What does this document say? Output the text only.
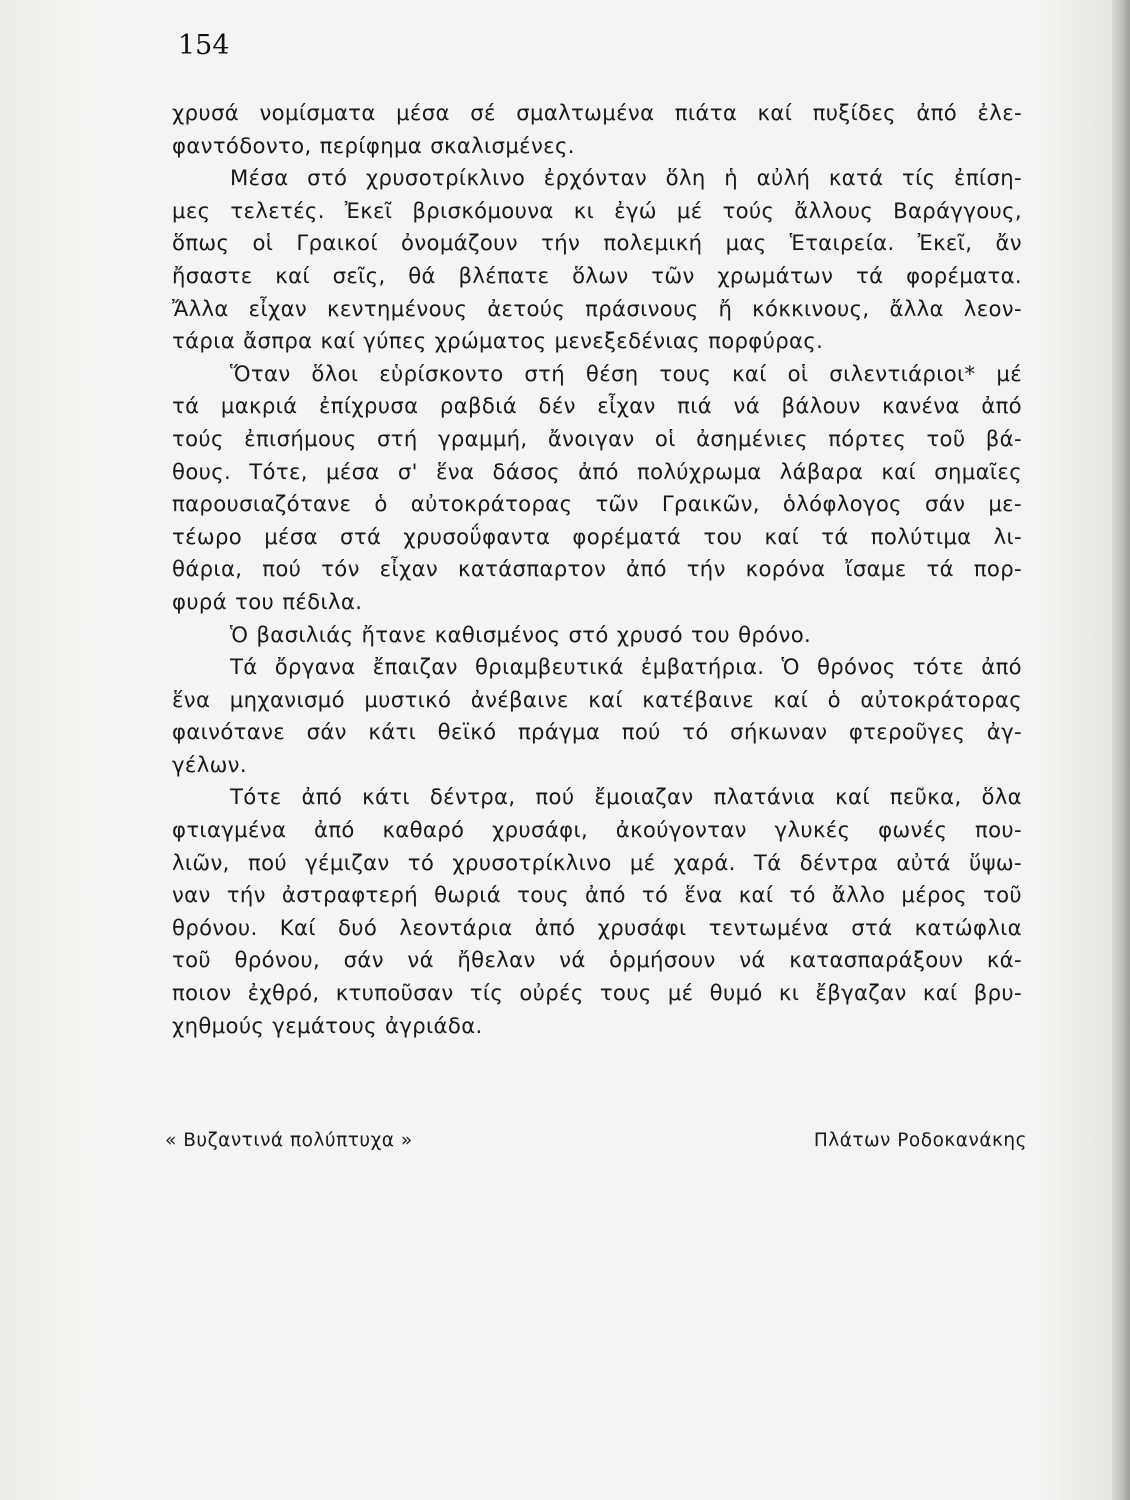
154

χρυσά νομίσματα μέσα σέ σμαλτωμένα πιάτα καί πυξίδες ἀπό ἐλε-
φαντόδοντο, περίφημα σκαλισμένες.

Μέσα στό χρυσοτρίκλινο ἐρχόνταν ὅλη ἡ αὐλή κατά τίς ἐπίση-
μες τελετές. Ἐκεῖ βρισκόμουνα κι ἐγώ μέ τούς ἄλλους Βαράγγους,
ὅπως οἱ Γραικοί ὀνομάζουν τήν πολεμική μας Ἑταιρεία. Ἐκεῖ, ἄν
ἤσαστε καί σεῖς, θά βλέπατε ὅλων τῶν χρωμάτων τά φορέματα.
Ἄλλα εἶχαν κεντημένους ἀετούς πράσινους ἤ κόκκινους, ἄλλα λεον-
τάρια ἄσπρα καί γύπες χρώματος μενεξεδένιας πορφύρας.

Ὅταν ὅλοι εὑρίσκοντο στή θέση τους καί οἱ σιλεντιάριοι* μέ
τά μακριά ἐπίχρυσα ραβδιά δέν εἶχαν πιά νά βάλουν κανένα ἀπό
τούς ἐπισήμους στή γραμμή, ἄνοιγαν οἱ ἀσημένιες πόρτες τοῦ βά-
θους. Τότε, μέσα σ' ἕνα δάσος ἀπό πολύχρωμα λάβαρα καί σημαῖες
παρουσιαζότανε ὁ αὐτοκράτορας τῶν Γραικῶν, ὁλόφλογος σάν με-
τέωρο μέσα στά χρυσοΰφαντα φορέματά του καί τά πολύτιμα λι-
θάρια, πού τόν εἶχαν κατάσπαρτον ἀπό τήν κορόνα ἴσαμε τά πορ-
φυρά του πέδιλα.

Ὁ βασιλιάς ἤτανε καθισμένος στό χρυσό του θρόνο.

Τά ὄργανα ἔπαιζαν θριαμβευτικά ἐμβατήρια. Ὁ θρόνος τότε ἀπό
ἕνα μηχανισμό μυστικό ἀνέβαινε καί κατέβαινε καί ὁ αὐτοκράτορας
φαινότανε σάν κάτι θεϊκό πράγμα πού τό σήκωναν φτεροῦγες ἀγ-
γέλων.

Τότε ἀπό κάτι δέντρα, πού ἔμοιαζαν πλατάνια καί πεῦκα, ὅλα
φτιαγμένα ἀπό καθαρό χρυσάφι, ἀκούγονταν γλυκές φωνές που-
λιῶν, πού γέμιζαν τό χρυσοτρίκλινο μέ χαρά. Τά δέντρα αὐτά ὕψω-
ναν τήν ἀστραφτερή θωριά τους ἀπό τό ἕνα καί τό ἄλλο μέρος τοῦ
θρόνου. Καί δυό λεοντάρια ἀπό χρυσάφι τεντωμένα στά κατώφλια
τοῦ θρόνου, σάν νά ἤθελαν νά ὁρμήσουν νά κατασπαράξουν κά-
ποιον ἐχθρό, κτυποῦσαν τίς οὐρές τους μέ θυμό κι ἔβγαζαν καί βρυ-
χηθμούς γεμάτους ἀγριάδα.

« Βυζαντινά πολύπτυχα »	Πλάτων Ροδοκανάκης
